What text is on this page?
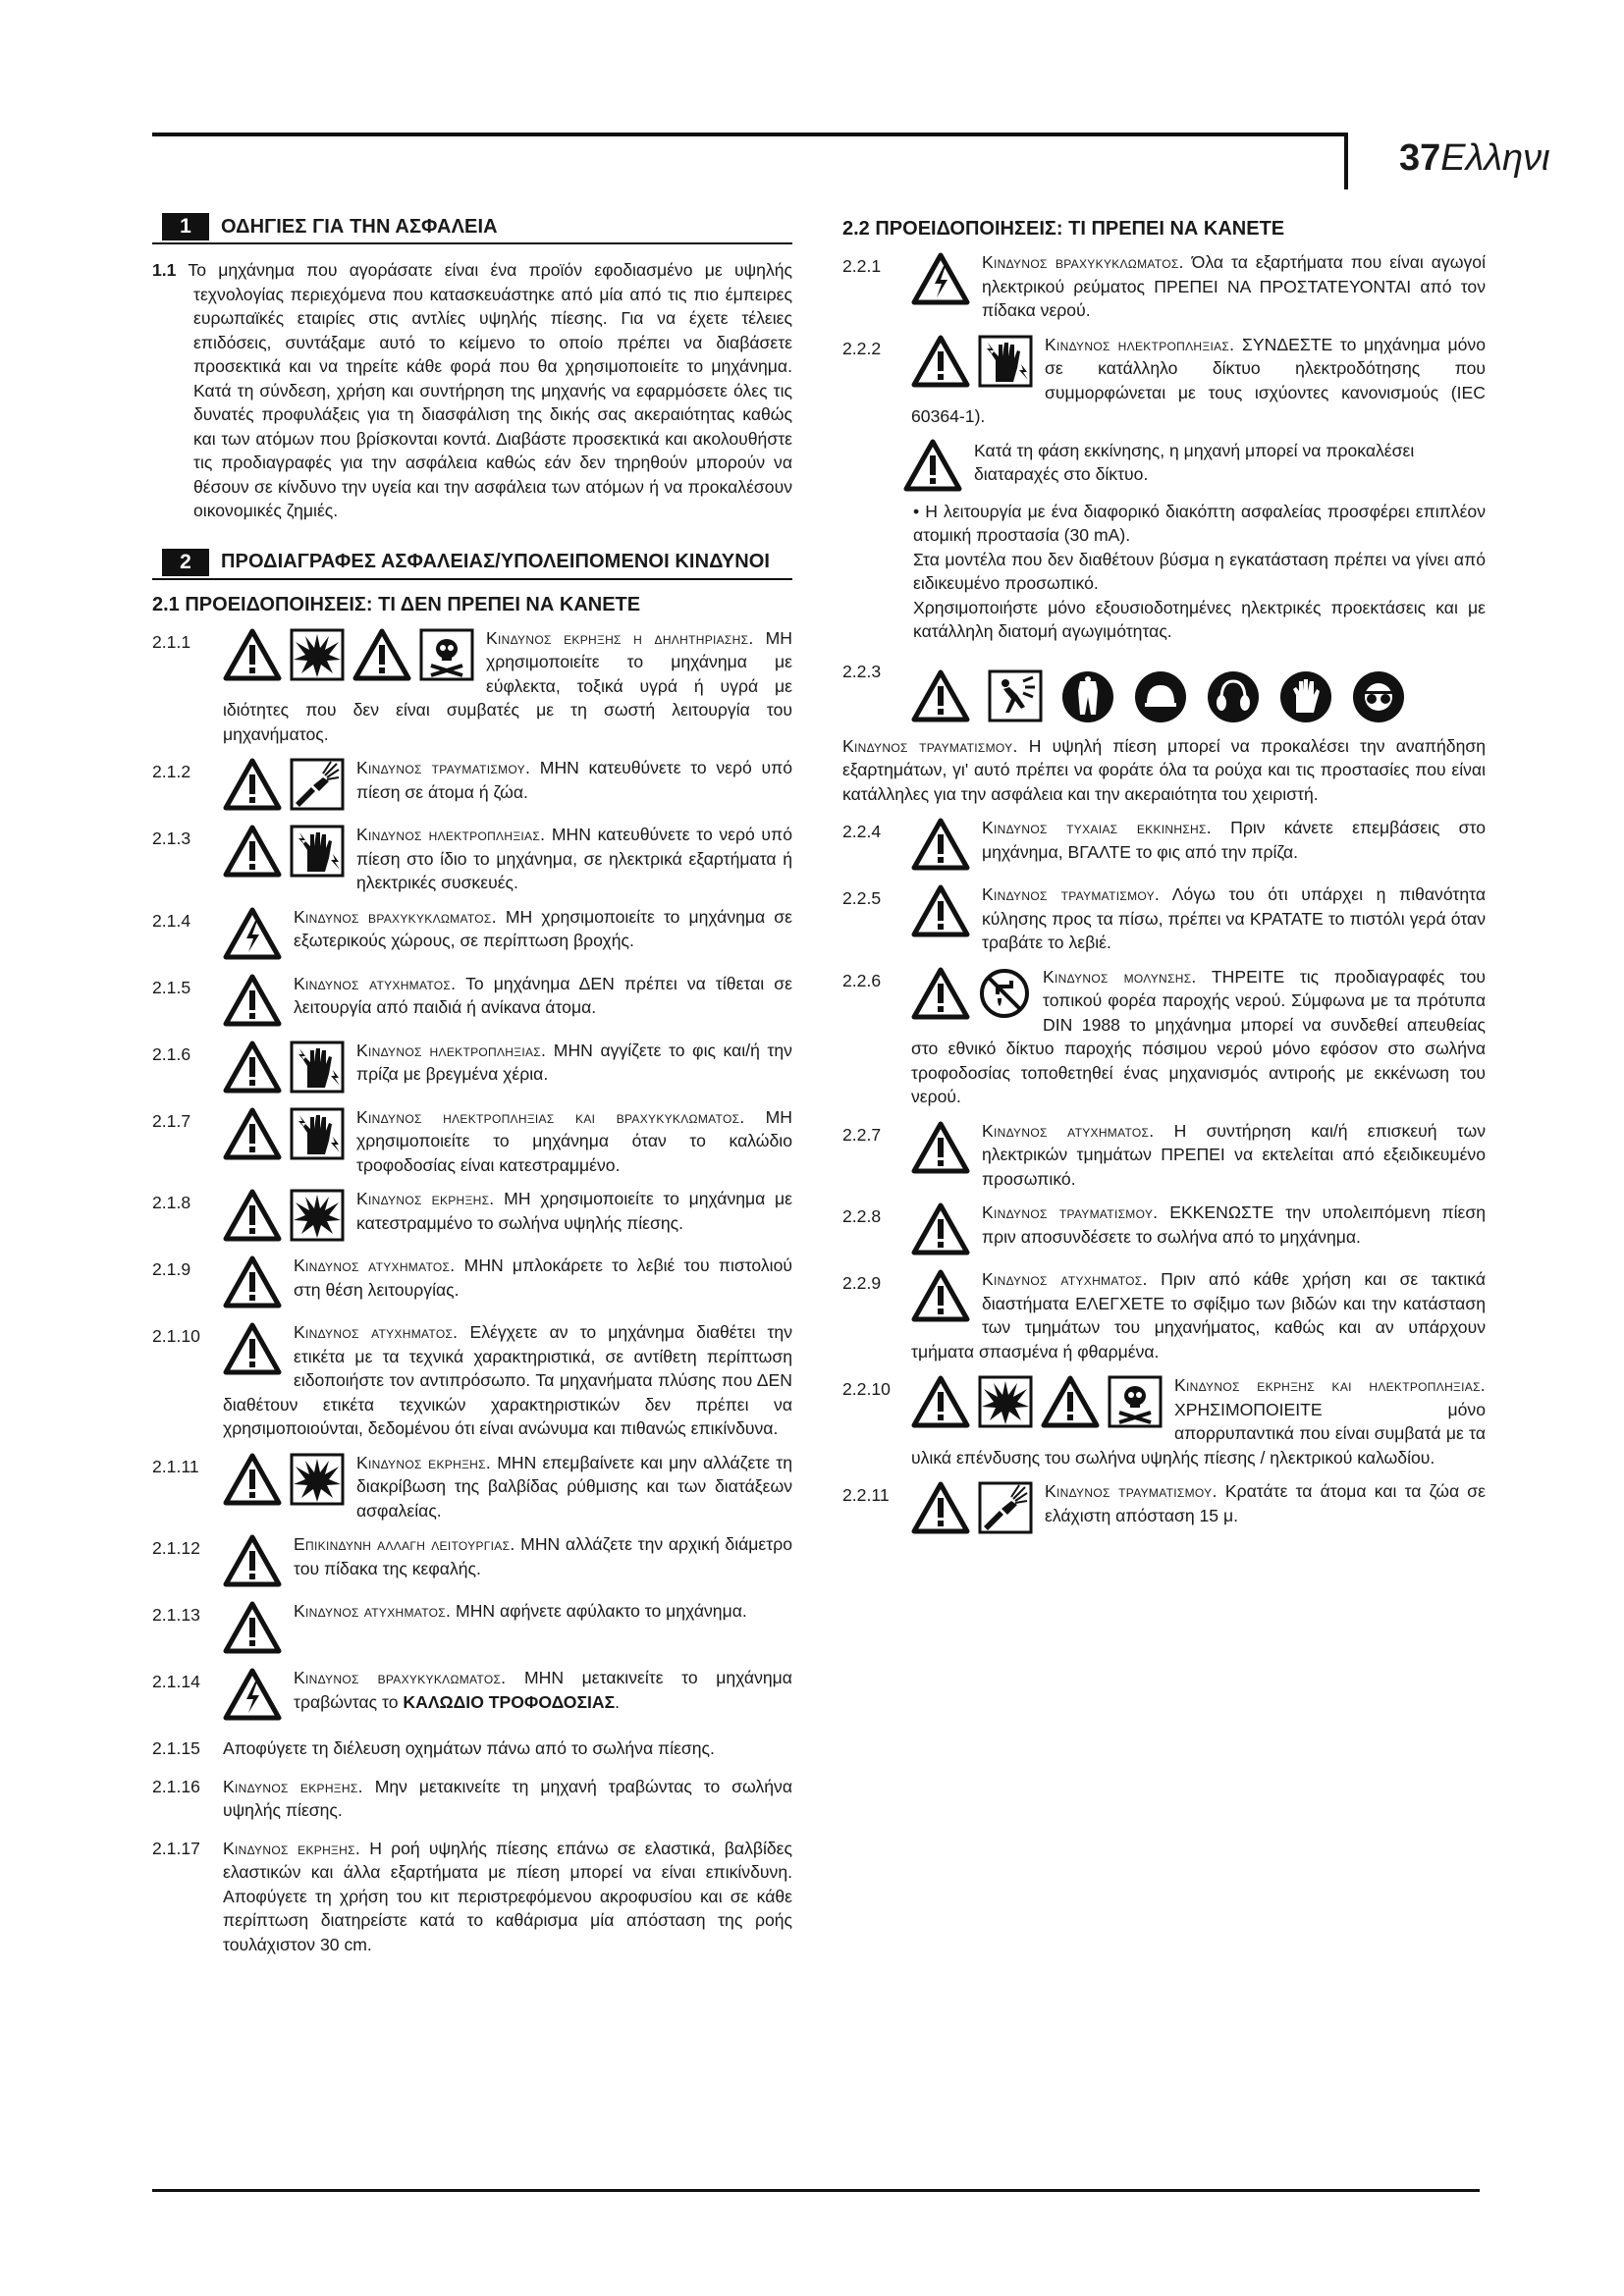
37Ελληνι
1	ΟΔΗΓΙΕΣ ΓΙΑ ΤΗΝ ΑΣΦΑΛΕΙΑ
1.1 Το μηχάνημα που αγοράσατε είναι ένα προϊόν εφοδιασμένο με υψηλής τεχνολογίας περιεχόμενα που κατασκευάστηκε από μία από τις πιο έμπειρες ευρωπαϊκές εταιρίες στις αντλίες υψηλής πίεσης. Για να έχετε τέλειες επιδόσεις, συντάξαμε αυτό το κείμενο το οποίο πρέπει να διαβάσετε προσεκτικά και να τηρείτε κάθε φορά που θα χρησιμοποιείτε το μηχάνημα. Κατά τη σύνδεση, χρήση και συντήρηση της μηχανής να εφαρμόσετε όλες τις δυνατές προφυλάξεις για τη διασφάλιση της δικής σας ακεραιότητας καθώς και των ατόμων που βρίσκονται κοντά. Διαβάστε προσεκτικά και ακολουθήστε τις προδιαγραφές για την ασφάλεια καθώς εάν δεν τηρηθούν μπορούν να θέσουν σε κίνδυνο την υγεία και την ασφάλεια των ατόμων ή να προκαλέσουν οικονομικές ζημιές.
2	ΠΡΟΔΙΑΓΡΑΦΕΣ ΑΣΦΑΛΕΙΑΣ/ΥΠΟΛΕΙΠΟΜΕΝΟΙ ΚΙΝΔΥΝΟΙ
2.1 ΠΡΟΕΙΔΟΠΟΙΗΣΕΙΣ: ΤΙ ΔΕΝ ΠΡΕΠΕΙ ΝΑ ΚΑΝΕΤΕ
2.1.1	Κινδυνος εκρηξης η δηλητηριασης. ΜΗ χρησιμοποιείτε το μηχάνημα με εύφλεκτα, τοξικά υγρά ή υγρά με ιδιότητες που δεν είναι συμβατές με τη σωστή λειτουργία του μηχανήματος.
2.1.2	Κινδυνος τραυματισμου. ΜΗΝ κατευθύνετε το νερό υπό πίεση σε άτομα ή ζώα.
2.1.3	Κινδυνος ηλεκτροπληξιας. ΜΗΝ κατευθύνετε το νερό υπό πίεση στο ίδιο το μηχάνημα, σε ηλεκτρικά εξαρτήματα ή ηλεκτρικές συσκευές.
2.1.4	Κινδυνος βραχυκυκλωματος. ΜΗ χρησιμοποιείτε το μηχάνημα σε εξωτερικούς χώρους, σε περίπτωση βροχής.
2.1.5	Κινδυνος ατυχηματος. Το μηχάνημα ΔΕΝ πρέπει να τίθεται σε λειτουργία από παιδιά ή ανίκανα άτομα.
2.1.6	Κινδυνος ηλεκτροπληξιας. ΜΗΝ αγγίζετε το φις και/ή την πρίζα με βρεγμένα χέρια.
2.1.7	Κινδυνος ηλεκτροπληξιας και βραχυκυκλωματος. ΜΗ χρησιμοποιείτε το μηχάνημα όταν το καλώδιο τροφοδοσίας είναι κατεστραμμένο.
2.1.8	Κινδυνος εκρηξης. ΜΗ χρησιμοποιείτε το μηχάνημα με κατεστραμμένο το σωλήνα υψηλής πίεσης.
2.1.9	Κινδυνος ατυχηματος. ΜΗΝ μπλοκάρετε το λεβιέ του πιστολιού στη θέση λειτουργίας.
2.1.10	Κινδυνος ατυχηματος. Ελέγχετε αν το μηχάνημα διαθέτει την ετικέτα με τα τεχνικά χαρακτηριστικά, σε αντίθετη περίπτωση ειδοποιήστε τον αντιπρόσωπο. Τα μηχανήματα πλύσης που ΔΕΝ διαθέτουν ετικέτα τεχνικών χαρακτηριστικών δεν πρέπει να χρησιμοποιούνται, δεδομένου ότι είναι ανώνυμα και πιθανώς επικίνδυνα.
2.1.11	Κινδυνος εκρηξης. ΜΗΝ επεμβαίνετε και μην αλλάζετε τη διακρίβωση της βαλβίδας ρύθμισης και των διατάξεων ασφαλείας.
2.1.12	Επικινδυνη αλλαγη λειτουργιας. ΜΗΝ αλλάζετε την αρχική διάμετρο του πίδακα της κεφαλής.
2.1.13	Κινδυνος ατυχηματος. ΜΗΝ αφήνετε αφύλακτο το μηχάνημα.
2.1.14	Κινδυνος βραχυκυκλωματος. ΜΗΝ μετακινείτε το μηχάνημα τραβώντας το ΚΑΛΩΔΙΟ ΤΡΟΦΟΔΟΣΙΑΣ.
2.1.15	Αποφύγετε τη διέλευση οχημάτων πάνω από το σωλήνα πίεσης.
2.1.16	Κινδυνος εκρηξης. Μην μετακινείτε τη μηχανή τραβώντας το σωλήνα υψηλής πίεσης.
2.1.17	Κινδυνος εκρηξης. Η ροή υψηλής πίεσης επάνω σε ελαστικά, βαλβίδες ελαστικών και άλλα εξαρτήματα με πίεση μπορεί να είναι επικίνδυνη. Αποφύγετε τη χρήση του κιτ περιστρεφόμενου ακροφυσίου και σε κάθε περίπτωση διατηρείστε κατά το καθάρισμα μία απόσταση της ροής τουλάχιστον 30 cm.
2.2 ΠΡΟΕΙΔΟΠΟΙΗΣΕΙΣ: ΤΙ ΠΡΕΠΕΙ ΝΑ ΚΑΝΕΤΕ
2.2.1	Κινδυνος βραχυκυκλωματος. Όλα τα εξαρτήματα που είναι αγωγοί ηλεκτρικού ρεύματος ΠΡΕΠΕΙ ΝΑ ΠΡΟΣΤΑΤΕΥΟΝΤΑΙ από τον πίδακα νερού.
2.2.2	Κινδυνος ηλεκτροπληξιας. ΣΥΝΔΕΣΤΕ το μηχάνημα μόνο σε κατάλληλο δίκτυο ηλεκτροδότησης που συμμορφώνεται με τους ισχύοντες κανονισμούς (IEC 60364-1).
Κατά τη φάση εκκίνησης, η μηχανή μπορεί να προκαλέσει διαταραχές στο δίκτυο.
• Η λειτουργία με ένα διαφορικό διακόπτη ασφαλείας προσφέρει επιπλέον ατομική προστασία (30 mA).
Στα μοντέλα που δεν διαθέτουν βύσμα η εγκατάσταση πρέπει να γίνει από ειδικευμένο προσωπικό.
Χρησιμοποιήστε μόνο εξουσιοδοτημένες ηλεκτρικές προεκτάσεις και με κατάλληλη διατομή αγωγιμότητας.
2.2.3
Κινδυνος τραυματισμου. Η υψηλή πίεση μπορεί να προκαλέσει την αναπήδηση εξαρτημάτων, γι' αυτό πρέπει να φοράτε όλα τα ρούχα και τις προστασίες που είναι κατάλληλες για την ασφάλεια και την ακεραιότητα του χειριστή.
2.2.4	Κινδυνος τυχαιας εκκινησης. Πριν κάνετε επεμβάσεις στο μηχάνημα, ΒΓΑΛΤΕ το φις από την πρίζα.
2.2.5	Κινδυνος τραυματισμου. Λόγω του ότι υπάρχει η πιθανότητα κύλησης προς τα πίσω, πρέπει να ΚΡΑΤΑΤΕ το πιστόλι γερά όταν τραβάτε το λεβιέ.
2.2.6	Κινδυνος μολυνσης. ΤΗΡΕΙΤΕ τις προδιαγραφές του τοπικού φορέα παροχής νερού. Σύμφωνα με τα πρότυπα DIN 1988 το μηχάνημα μπορεί να συνδεθεί απευθείας στο εθνικό δίκτυο παροχής πόσιμου νερού μόνο εφόσον στο σωλήνα τροφοδοσίας τοποθετηθεί ένας μηχανισμός αντιροής με εκκένωση του νερού.
2.2.7	Κινδυνος ατυχηματος. Η συντήρηση και/ή επισκευή των ηλεκτρικών τμημάτων ΠΡΕΠΕΙ να εκτελείται από εξειδικευμένο προσωπικό.
2.2.8	Κινδυνος τραυματισμου. ΕΚΚΕΝΩΣΤΕ την υπολειπόμενη πίεση πριν αποσυνδέσετε το σωλήνα από το μηχάνημα.
2.2.9	Κινδυνος ατυχηματος. Πριν από κάθε χρήση και σε τακτικά διαστήματα ΕΛΕΓΧΕΤΕ το σφίξιμο των βιδών και την κατάσταση των τμημάτων του μηχανήματος, καθώς και αν υπάρχουν τμήματα σπασμένα ή φθαρμένα.
2.2.10	Κινδυνος εκρηξης και ηλεκτροπληξιας. ΧΡΗΣΙΜΟΠΟΙΕΙΤΕ μόνο απορρυπαντικά που είναι συμβατά με τα υλικά επένδυσης του σωλήνα υψηλής πίεσης / ηλεκτρικού καλωδίου.
2.2.11	Κινδυνος τραυματισμου. Κρατάτε τα άτομα και τα ζώα σε ελάχιστη απόσταση 15 μ.
